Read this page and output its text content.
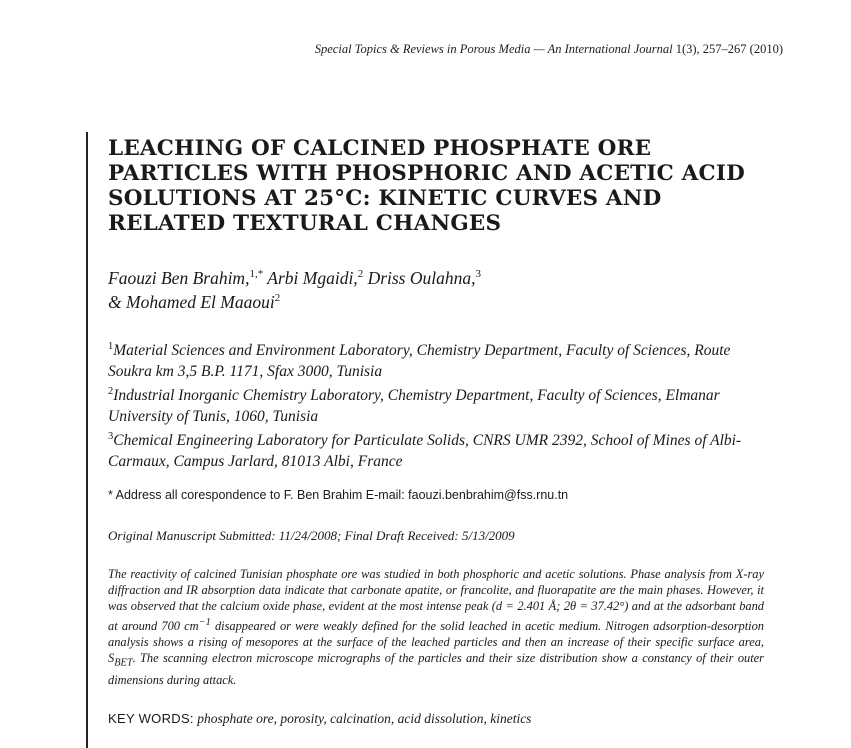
Special Topics & Reviews in Porous Media — An International Journal 1(3), 257–267 (2010)
LEACHING OF CALCINED PHOSPHATE ORE
PARTICLES WITH PHOSPHORIC AND ACETIC ACID
SOLUTIONS AT 25°C: KINETIC CURVES AND
RELATED TEXTURAL CHANGES
Faouzi Ben Brahim,$^{1,*}$ Arbi Mgaidi,$^2$ Driss Oulahna,$^3$
& Mohamed El Maaoui$^2$

$^1$Material Sciences and Environment Laboratory, Chemistry Department, Faculty of Sciences, Route Soukra km 3,5 B.P. 1171, Sfax 3000, Tunisia

$^2$Industrial Inorganic Chemistry Laboratory, Chemistry Department, Faculty of Sciences, Elmanar University of Tunis, 1060, Tunisia

$^3$Chemical Engineering Laboratory for Particulate Solids, CNRS UMR 2392, School of Mines of Albi-Carmaux, Campus Jarlard, 81013 Albi, France

* Address all corespondence to F. Ben Brahim E-mail: faouzi.benbrahim@fss.rnu.tn
Original Manuscript Submitted: 11/24/2008; Final Draft Received: 5/13/2009

The reactivity of calcined Tunisian phosphate ore was studied in both phosphoric and acetic solutions. Phase analysis from X-ray diffraction and IR absorption data indicate that carbonate apatite, or francolite, and fluorapatite are the main phases. However, it was observed that the calcium oxide phase, evident at the most intense peak (d = 2.401 Å; 2θ = 37.42°) and at the adsorbant band at around 700 $cm^{-1}$ disappeared or were weakly defined for the solid leached in acetic medium. Nitrogen adsorption-desorption analysis shows a rising of mesopores at the surface of the leached particles and then an increase of their specific surface area, $S_{BET}$. The scanning electron microscope micrographs of the particles and their size distribution show a constancy of their outer dimensions during attack.

KEY WORDS: phosphate ore, porosity, calcination, acid dissolution, kinetics
